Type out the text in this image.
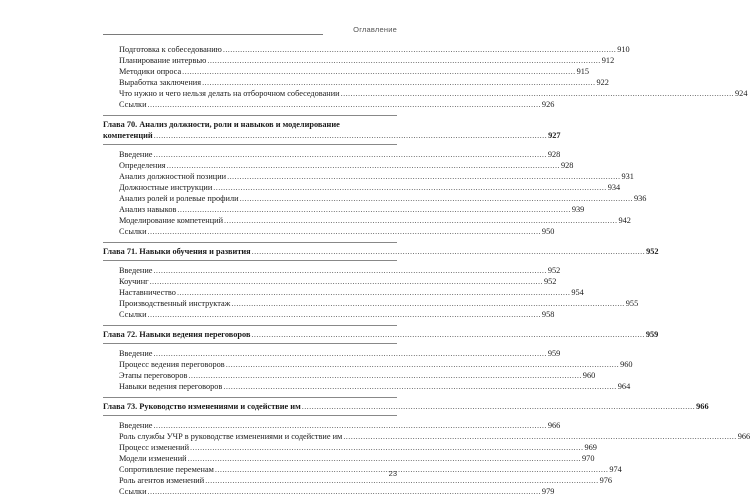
Оглавление
Подготовка к собеседованию .....	910
Планирование интервью .....	912
Методики опроса .....	915
Выработка заключения .....	922
Что нужно и чего нельзя делать на отборочном собеседовании .....	924
Ссылки .....	926
Глава 70. Анализ должности, роли и навыков и моделирование
компетенций .....	927
Введение .....	928
Определения .....	928
Анализ должностной позиции .....	931
Должностные инструкции .....	934
Анализ ролей и ролевые профили .....	936
Анализ навыков .....	939
Моделирование компетенций .....	942
Ссылки .....	950
Глава 71. Навыки обучения и развития .....	952
Введение .....	952
Коучинг .....	952
Наставничество .....	954
Производственный инструктаж .....	955
Ссылки .....	958
Глава 72. Навыки ведения переговоров .....	959
Введение .....	959
Процесс ведения переговоров .....	960
Этапы переговоров .....	960
Навыки ведения переговоров .....	964
Глава 73. Руководство изменениями и содействие им .....	966
Введение .....	966
Роль службы УЧР в руководстве изменениями и содействие им .....	966
Процесс изменений .....	969
Модели изменений .....	970
Сопротивление переменам .....	974
Роль агентов изменений .....	976
Ссылки .....	979
23
